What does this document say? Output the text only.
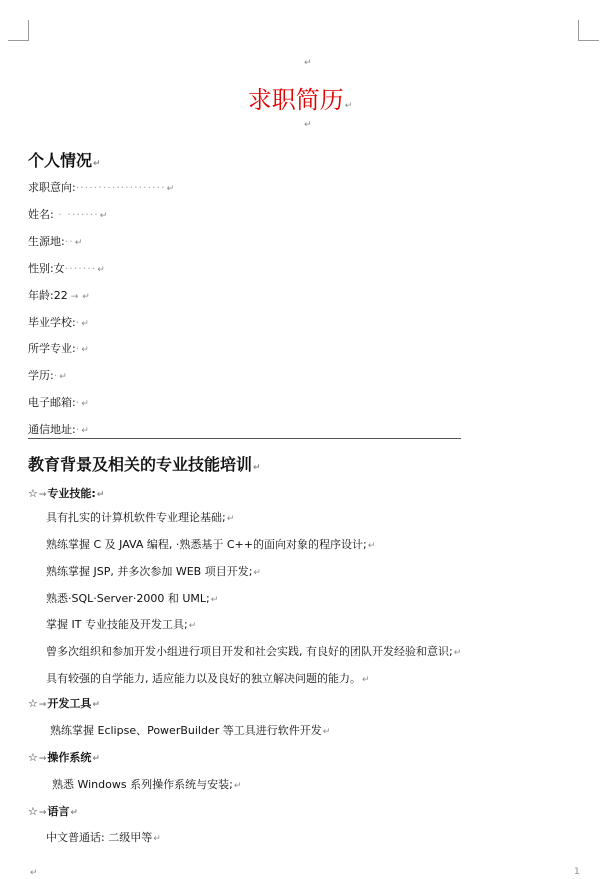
↵
求职简历↵
↵
个人情况↵
求职意向:····················↵
姓名: · ·······↵
生源地:··↵
性别:女·······↵
年龄:22 → ↵
毕业学校:·↵
所学专业:·↵
学历:·↵
电子邮箱:·↵
通信地址:·↵
教育背景及相关的专业技能培训↵
☆→专业技能:↵
具有扎实的计算机软件专业理论基础;↵
熟练掌握 C 及 JAVA 编程, ·熟悉基于 C++的面向对象的程序设计;↵
熟练掌握 JSP, 并多次参加 WEB 项目开发;↵
熟悉·SQL·Server·2000 和 UML;↵
掌握 IT 专业技能及开发工具;↵
曾多次组织和参加开发小组进行项目开发和社会实践, 有良好的团队开发经验和意识;↵
具有较强的自学能力, 适应能力以及良好的独立解决问题的能力。↵
☆→开发工具↵
熟练掌握 Eclipse、PowerBuilder 等工具进行软件开发↵
☆→操作系统↵
熟悉 Windows 系列操作系统与安装;↵
☆→语言↵
中文普通话: 二级甲等↵
↵	1
